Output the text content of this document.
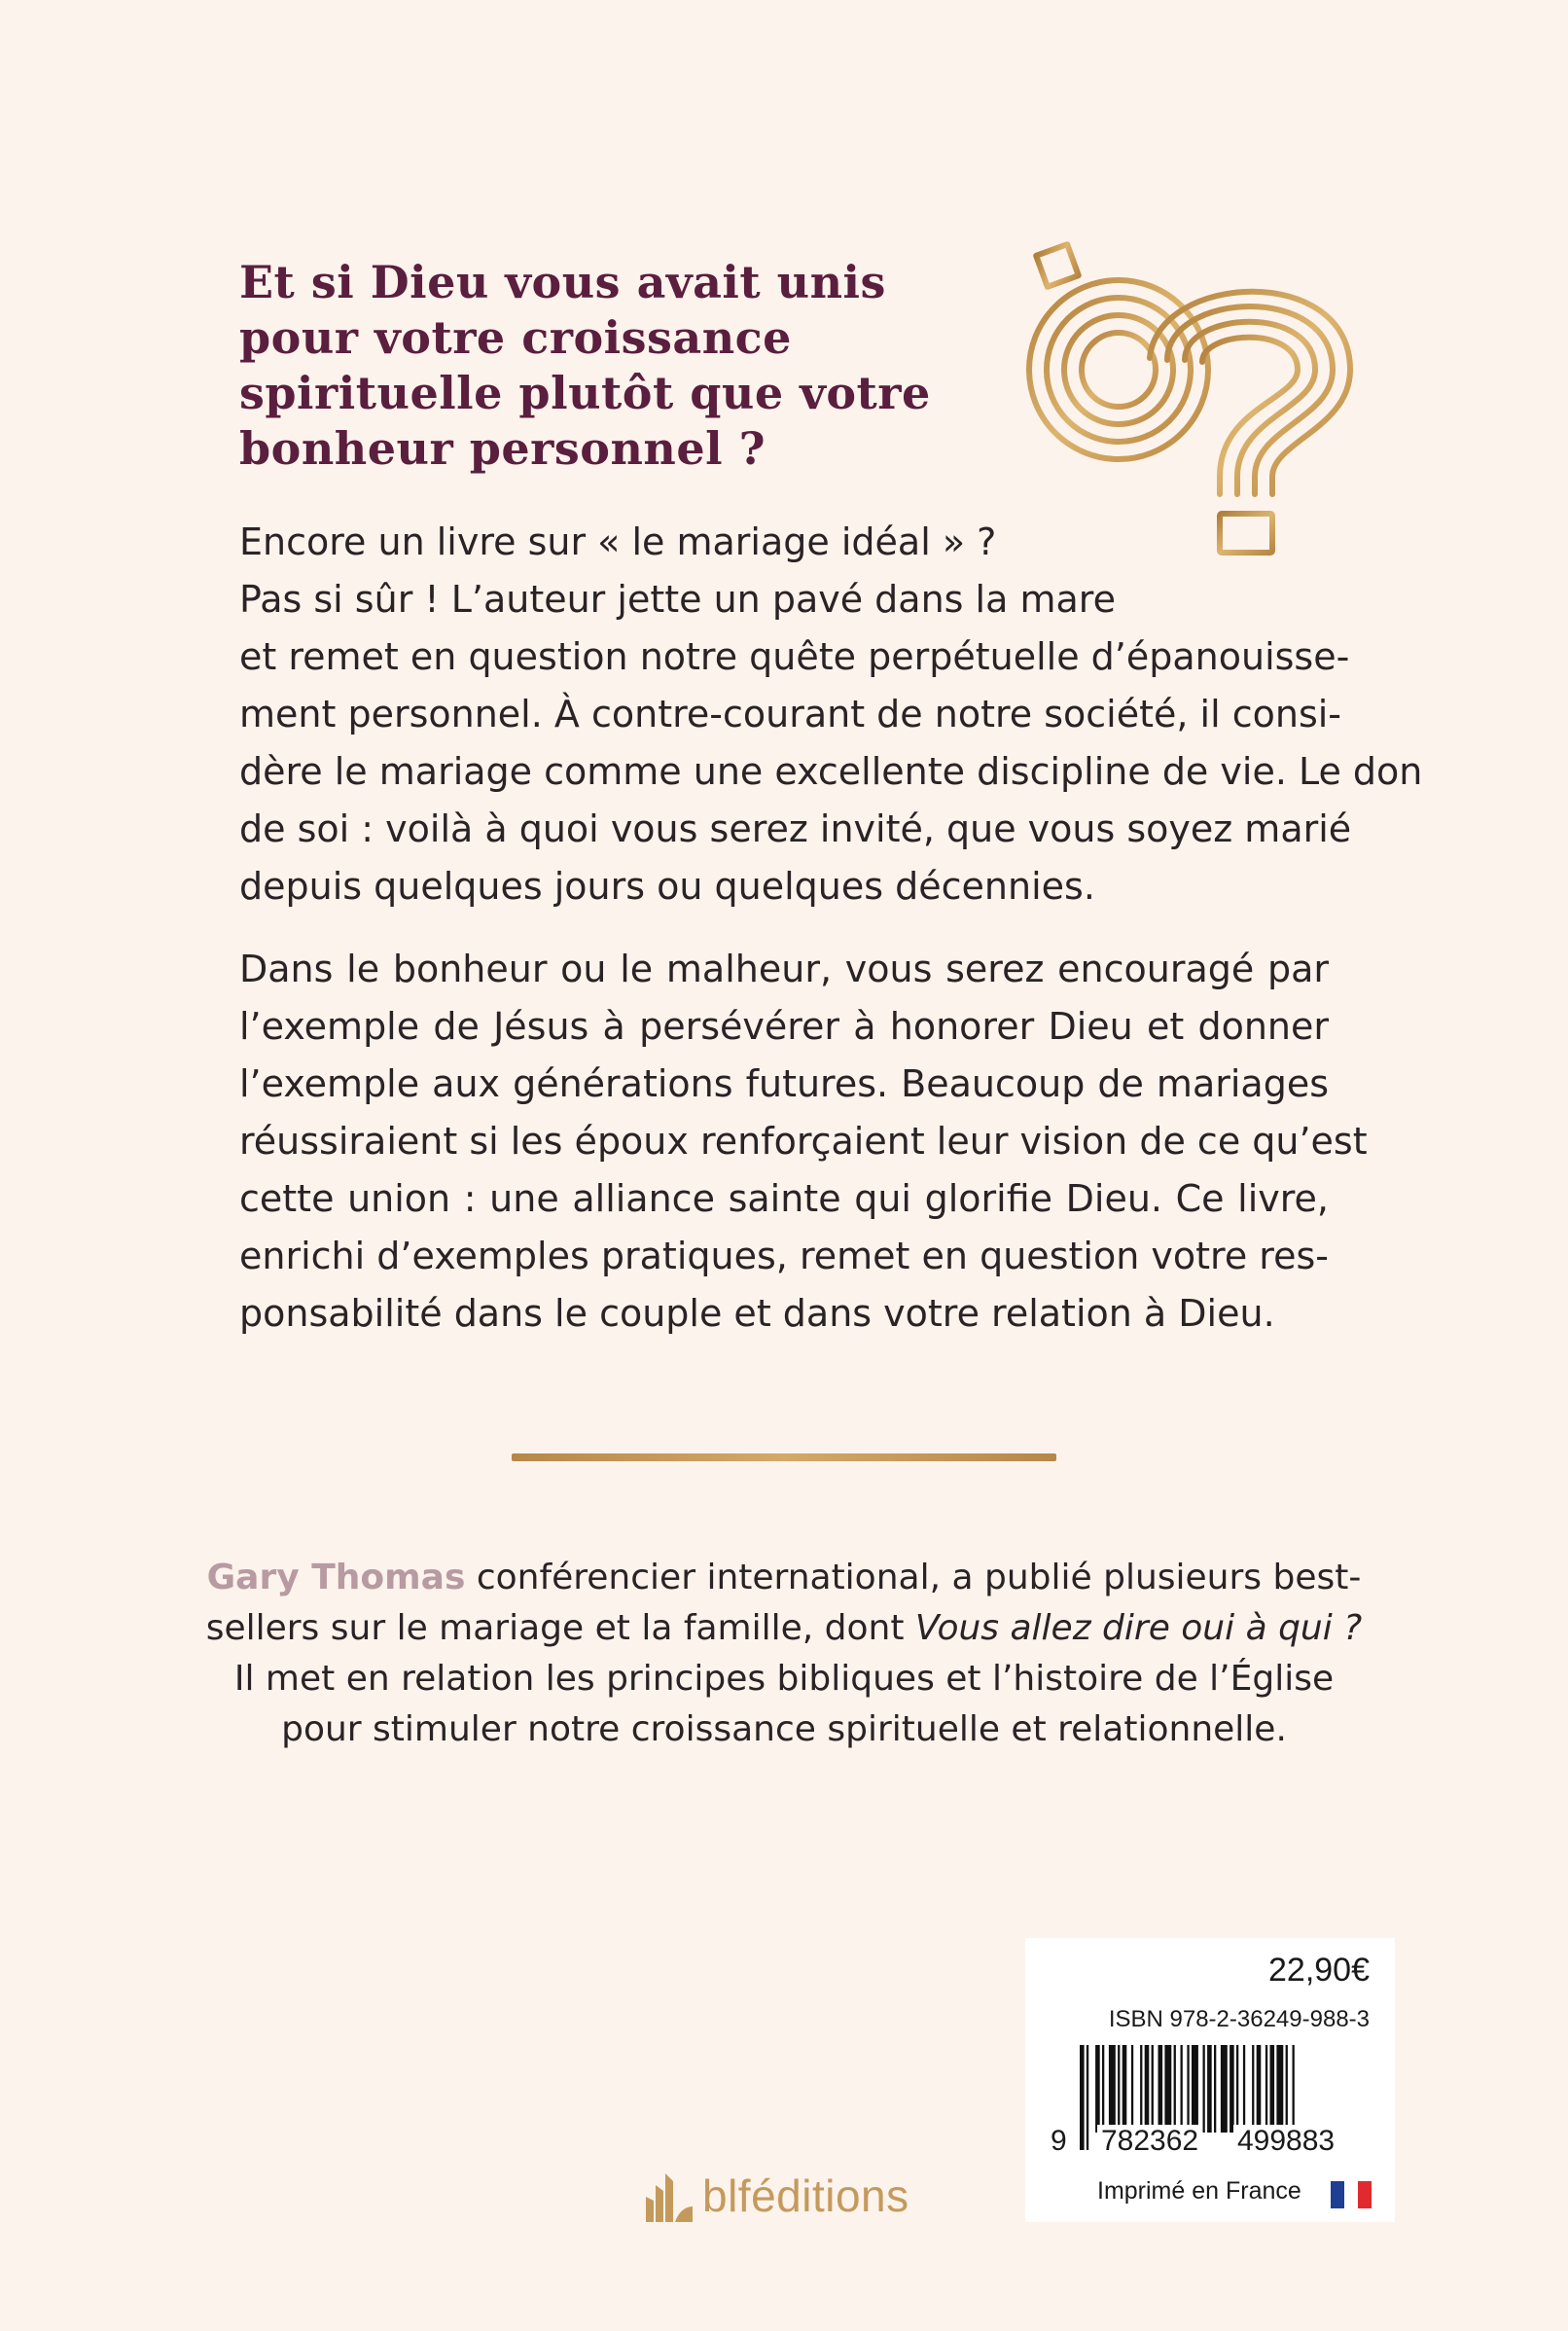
Et si Dieu vous avait unis
pour votre croissance
spirituelle plutôt que votre
bonheur personnel ?
Encore un livre sur « le mariage idéal » ?
Pas si sûr ! L’auteur jette un pavé dans la mare
et remet en question notre quête perpétuelle d’épanouisse-
ment personnel. À contre-courant de notre société, il consi-
dère le mariage comme une excellente discipline de vie. Le don
de soi : voilà à quoi vous serez invité, que vous soyez marié
depuis quelques jours ou quelques décennies.
Dans le bonheur ou le malheur, vous serez encouragé par
l’exemple de Jésus à persévérer à honorer Dieu et donner
l’exemple aux générations futures. Beaucoup de mariages
réussiraient si les époux renforçaient leur vision de ce qu’est
cette union : une alliance sainte qui glorifie Dieu. Ce livre,
enrichi d’exemples pratiques, remet en question votre res-
ponsabilité dans le couple et dans votre relation à Dieu.
Gary Thomas conférencier international, a publié plusieurs best-
sellers sur le mariage et la famille, dont Vous allez dire oui à qui ?
Il met en relation les principes bibliques et l’histoire de l’Église
pour stimuler notre croissance spirituelle et relationnelle.
blféditions
22,90€
ISBN 978-2-36249-988-3
9 782362 499883
Imprimé en France
